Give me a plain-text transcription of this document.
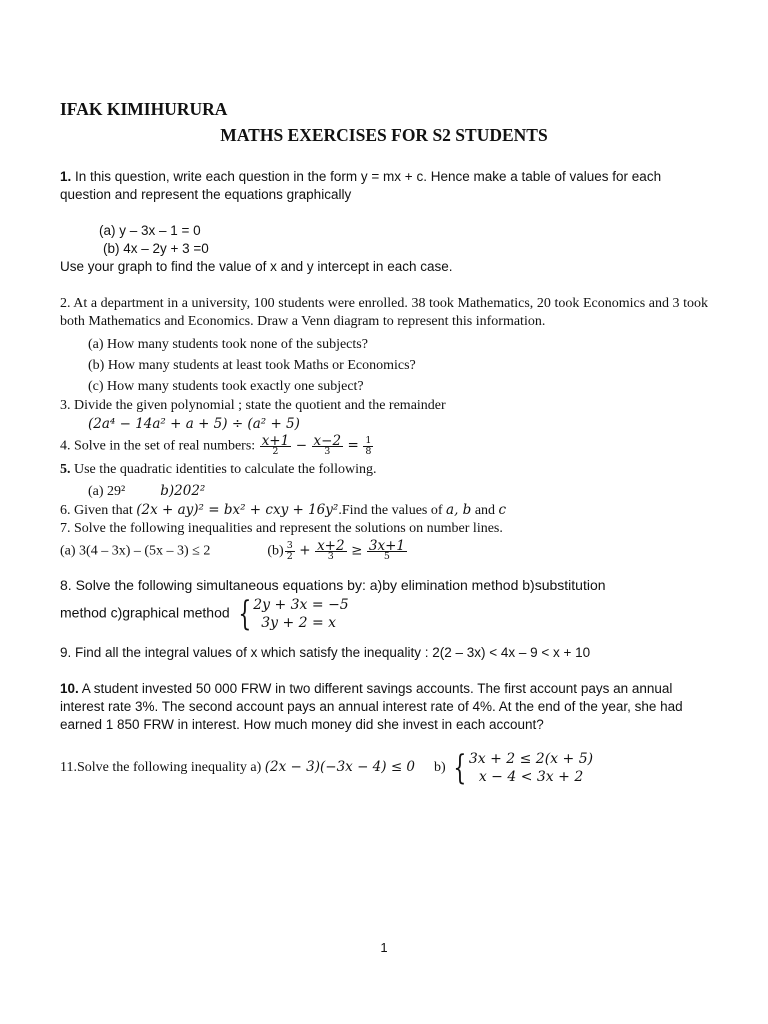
IFAK KIMIHURURA

MATHS EXERCISES FOR S2 STUDENTS

1. In this question, write each question in the form y = mx + c. Hence make a table of values for each question and represent the equations graphically

(a) y – 3x – 1 = 0

(b) 4x – 2y + 3 =0

Use your graph to find the value of x and y intercept in each case.

2. At a department in a university, 100 students were enrolled. 38 took Mathematics, 20 took Economics and 3 took both Mathematics and Economics. Draw a Venn diagram to represent this information.

(a) How many students took none of the subjects?

(b) How many students at least took Maths or Economics?

(c) How many students took exactly one subject?

3. Divide the given polynomial ; state the quotient and the remainder

(2a⁴ − 14a² + a + 5) ÷ (a² + 5)

4. Solve in the set of real numbers: $\frac{x+1}{2} - \frac{x-2}{3} = \frac{1}{8}$

5. Use the quadratic identities to calculate the following.

(a) 29²	b)202²

6. Given that (2x + ay)² = bx² + cxy + 16y².Find the values of a, b and c

7. Solve the following inequalities and represent the solutions on number lines.

(a) 3(4 – 3x) – (5x – 3) ≤ 2	$(b) \frac{3}{2} + \frac{x+2}{3} \ge \frac{3x+1}{5}$

8. Solve the following simultaneous equations by: a)by elimination method b)substitution

method c)graphical method { 2y + 3x = −5
3y + 2 = x

9. Find all the integral values of x which satisfy the inequality : 2(2 – 3x) < 4x – 9 < x + 10

10. A student invested 50 000 FRW in two different savings accounts. The first account pays an annual interest rate 3%. The second account pays an annual interest rate of 4%. At the end of the year, she had earned 1 850 FRW in interest. How much money did she invest in each account?

11.Solve the following inequality a) (2x − 3)(−3x − 4) ≤ 0 b) { 3x + 2 ≤ 2(x + 5)
x − 4 < 3x + 2

1
